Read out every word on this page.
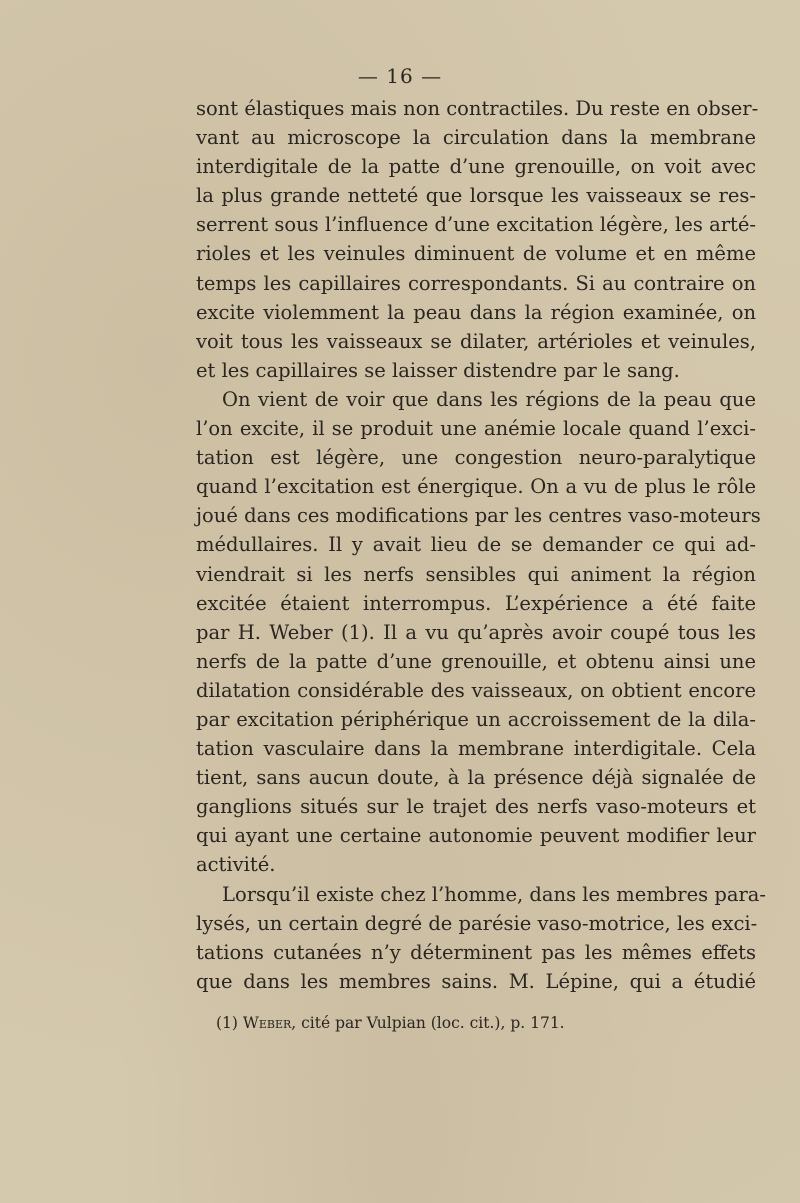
— 16 —
sont élastiques mais non contractiles. Du reste en obser-
vant au microscope la circulation dans la membrane
interdigitale de la patte d’une grenouille, on voit avec
la plus grande netteté que lorsque les vaisseaux se res-
serrent sous l’influence d’une excitation légère, les arté-
rioles et les veinules diminuent de volume et en même
temps les capillaires correspondants. Si au contraire on
excite violemment la peau dans la région examinée, on
voit tous les vaisseaux se dilater, artérioles et veinules,
et les capillaires se laisser distendre par le sang.
On vient de voir que dans les régions de la peau que
l’on excite, il se produit une anémie locale quand l’exci-
tation est légère, une congestion neuro-paralytique
quand l’excitation est énergique. On a vu de plus le rôle
joué dans ces modifications par les centres vaso-moteurs
médullaires. Il y avait lieu de se demander ce qui ad-
viendrait si les nerfs sensibles qui animent la région
excitée étaient interrompus. L’expérience a été faite
par H. Weber (1). Il a vu qu’après avoir coupé tous les
nerfs de la patte d’une grenouille, et obtenu ainsi une
dilatation considérable des vaisseaux, on obtient encore
par excitation périphérique un accroissement de la dila-
tation vasculaire dans la membrane interdigitale. Cela
tient, sans aucun doute, à la présence déjà signalée de
ganglions situés sur le trajet des nerfs vaso-moteurs et
qui ayant une certaine autonomie peuvent modifier leur
activité.
Lorsqu’il existe chez l’homme, dans les membres para-
lysés, un certain degré de parésie vaso-motrice, les exci-
tations cutanées n’y déterminent pas les mêmes effets
que dans les membres sains. M. Lépine, qui a étudié
(1) Weber, cité par Vulpian (loc. cit.), p. 171.
